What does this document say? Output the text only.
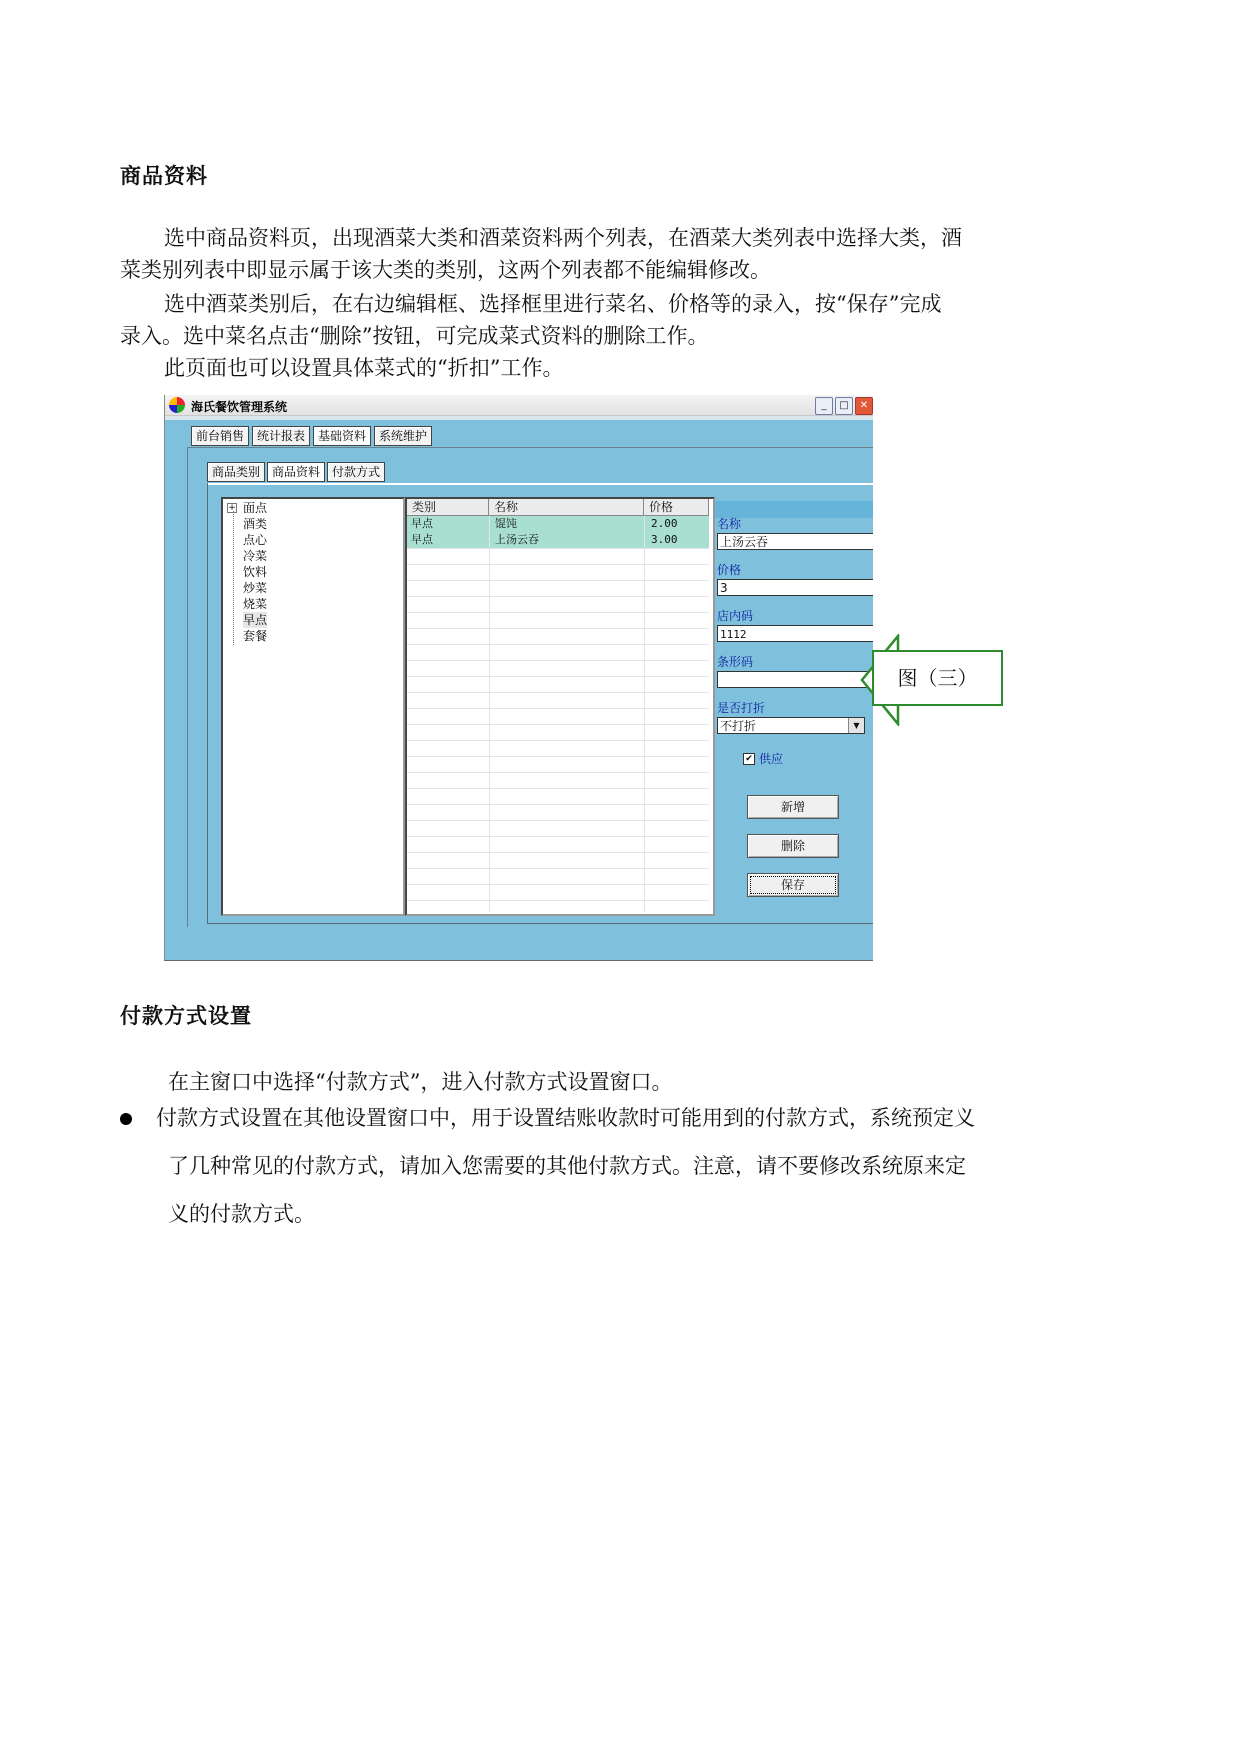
商品资料
选中商品资料页，出现酒菜大类和酒菜资料两个列表，在酒菜大类列表中选择大类，酒
菜类别列表中即显示属于该大类的类别，这两个列表都不能编辑修改。
选中酒菜类别后，在右边编辑框、选择框里进行菜名、价格等的录入，按“保存”完成
录入。选中菜名点击“删除”按钮，可完成菜式资料的删除工作。
此页面也可以设置具体菜式的“折扣”工作。
海氏餐饮管理系统	_	□	✕
前台销售	统计报表	基础资料	系统维护
商品类别	商品资料	付款方式
+ 面点
酒类
点心
冷菜
饮料
炒菜
烧菜
早点
套餐
类别	名称	价格
早点	馄饨	2.00
早点	上汤云吞	3.00
名称
上汤云吞
价格
3
店内码
1112
条形码
是否打折
不打折	▼
✔ 供应
新增
删除
保存
图（三）
付款方式设置
在主窗口中选择“付款方式”，进入付款方式设置窗口。
付款方式设置在其他设置窗口中，用于设置结账收款时可能用到的付款方式，系统预定义
了几种常见的付款方式，请加入您需要的其他付款方式。注意，请不要修改系统原来定
义的付款方式。
